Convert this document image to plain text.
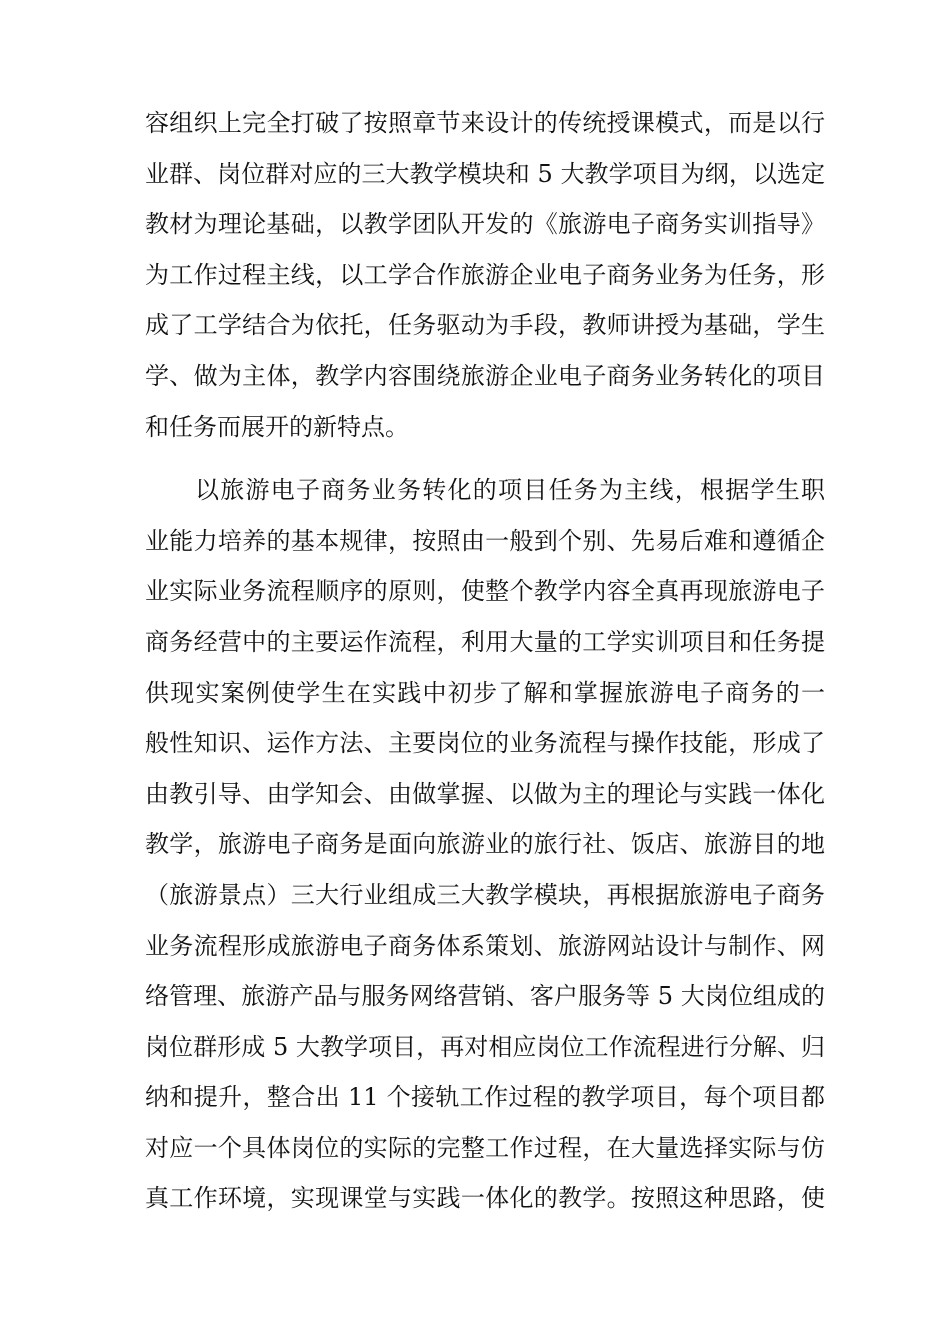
容组织上完全打破了按照章节来设计的传统授课模式，而是以行
业群、岗位群对应的三大教学模块和 5 大教学项目为纲，以选定
教材为理论基础，以教学团队开发的《旅游电子商务实训指导》
为工作过程主线，以工学合作旅游企业电子商务业务为任务，形
成了工学结合为依托，任务驱动为手段，教师讲授为基础，学生
学、做为主体，教学内容围绕旅游企业电子商务业务转化的项目
和任务而展开的新特点。
以旅游电子商务业务转化的项目任务为主线，根据学生职
业能力培养的基本规律，按照由一般到个别、先易后难和遵循企
业实际业务流程顺序的原则，使整个教学内容全真再现旅游电子
商务经营中的主要运作流程，利用大量的工学实训项目和任务提
供现实案例使学生在实践中初步了解和掌握旅游电子商务的一
般性知识、运作方法、主要岗位的业务流程与操作技能，形成了
由教引导、由学知会、由做掌握、以做为主的理论与实践一体化
教学，旅游电子商务是面向旅游业的旅行社、饭店、旅游目的地
（旅游景点）三大行业组成三大教学模块，再根据旅游电子商务
业务流程形成旅游电子商务体系策划、旅游网站设计与制作、网
络管理、旅游产品与服务网络营销、客户服务等 5 大岗位组成的
岗位群形成 5 大教学项目，再对相应岗位工作流程进行分解、归
纳和提升，整合出 11 个接轨工作过程的教学项目，每个项目都
对应一个具体岗位的实际的完整工作过程，在大量选择实际与仿
真工作环境，实现课堂与实践一体化的教学。按照这种思路，使
